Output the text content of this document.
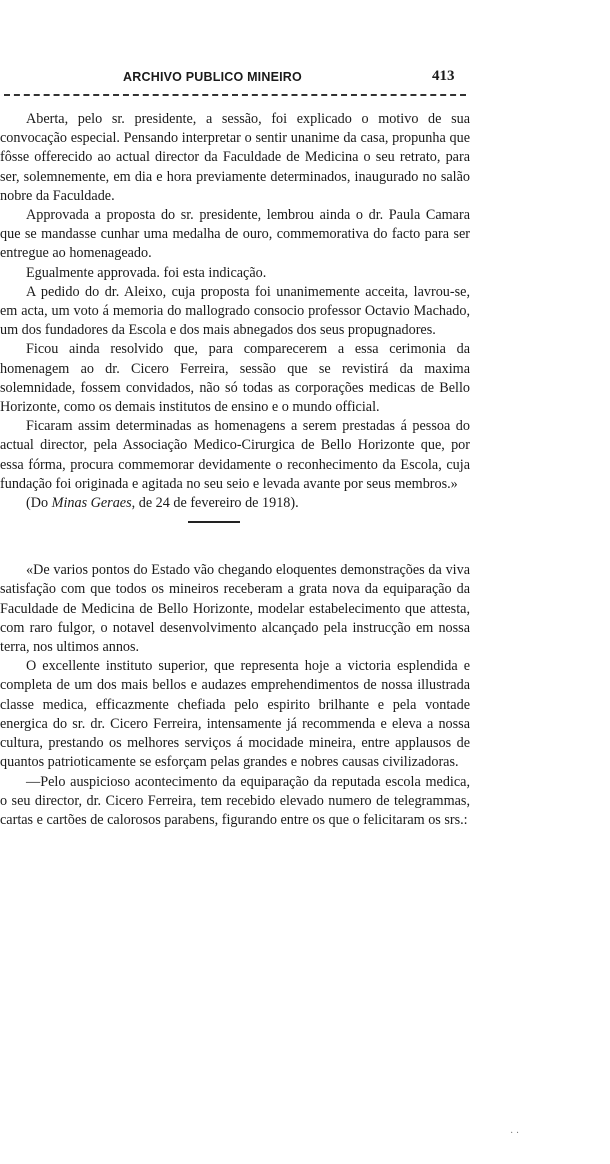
ARCHIVO PUBLICO MINEIRO	413

Aberta, pelo sr. presidente, a sessão, foi explicado o motivo de sua convocação especial. Pensando interpretar o sentir unanime da casa, propunha que fôsse offerecido ao actual director da Faculdade de Medicina o seu retrato, para ser, solemnemente, em dia e hora previamente determinados, inaugurado no salão nobre da Faculdade.

Approvada a proposta do sr. presidente, lembrou ainda o dr. Paula Camara que se mandasse cunhar uma medalha de ouro, commemorativa do facto para ser entregue ao homenageado.

Egualmente approvada. foi esta indicação.

A pedido do dr. Aleixo, cuja proposta foi unanimemente acceita, lavrou-se, em acta, um voto á memoria do mallogrado consocio professor Octavio Machado, um dos fundadores da Escola e dos mais abnegados dos seus propugnadores.

Ficou ainda resolvido que, para comparecerem a essa cerimonia da homenagem ao dr. Cicero Ferreira, sessão que se revistirá da maxima solemnidade, fossem convidados, não só todas as corporações medicas de Bello Horizonte, como os demais institutos de ensino e o mundo official.

Ficaram assim determinadas as homenagens a serem prestadas á pessoa do actual director, pela Associação Medico-Cirurgica de Bello Horizonte que, por essa fórma, procura commemorar devidamente o reconhecimento da Escola, cuja fundação foi originada e agitada no seu seio e levada avante por seus membros.»

(Do Minas Geraes, de 24 de fevereiro de 1918).

«De varios pontos do Estado vão chegando eloquentes demonstrações da viva satisfação com que todos os mineiros receberam a grata nova da equiparação da Faculdade de Medicina de Bello Horizonte, modelar estabelecimento que attesta, com raro fulgor, o notavel desenvolvimento alcançado pela instrucção em nossa terra, nos ultimos annos.

O excellente instituto superior, que representa hoje a victoria esplendida e completa de um dos mais bellos e audazes emprehendimentos de nossa illustrada classe medica, efficazmente chefiada pelo espirito brilhante e pela vontade energica do sr. dr. Cicero Ferreira, intensamente já recommenda e eleva a nossa cultura, prestando os melhores serviços á mocidade mineira, entre applausos de quantos patrioticamente se esforçam pelas grandes e nobres causas civilizadoras.

—Pelo auspicioso acontecimento da equiparação da reputada escola medica, o seu director, dr. Cicero Ferreira, tem recebido elevado numero de telegrammas, cartas e cartões de calorosos parabens, figurando entre os que o felicitaram os srs.:

· ·
